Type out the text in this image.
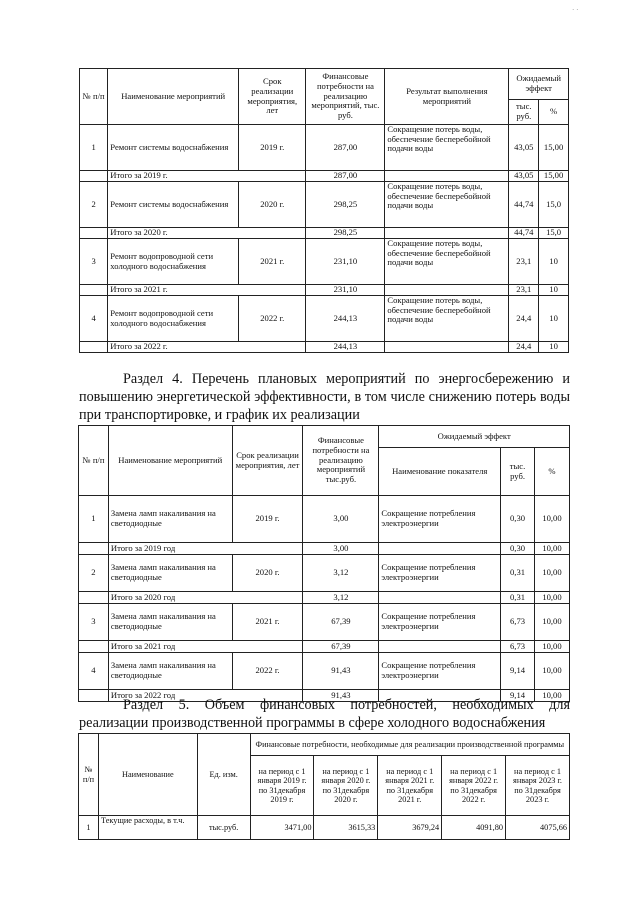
· ·
№ п/п	Наименование мероприятий	Срок реализации мероприятия, лет	Финансовые потребности на реализацию мероприятий, тыс. руб.	Результат выполнения мероприятий	Ожидаемый эффект	
					тыс. руб.	%
1	Ремонт системы водоснабжения	2019 г.	287,00	Сокращение потерь воды, обеспечение бесперебойной подачи воды	43,05	15,00
	Итого за 2019 г.		287,00		43,05	15,00
2	Ремонт системы водоснабжения	2020 г.	298,25	Сокращение потерь воды, обеспечение бесперебойной подачи воды	44,74	15,0
	Итого за 2020 г.		298,25		44,74	15,0
3	Ремонт водопроводной сети холодного водоснабжения	2021 г.	231,10	Сокращение потерь воды, обеспечение бесперебойной подачи воды	23,1	10
	Итого за 2021 г.		231,10		23,1	10
4	Ремонт водопроводной сети холодного водоснабжения	2022 г.	244,13	Сокращение потерь воды, обеспечение бесперебойной подачи воды	24,4	10
	Итого за 2022 г.		244,13		24,4	10

Раздел 4. Перечень плановых мероприятий по энергосбережению и повышению энергетической эффективности, в том числе снижению потерь воды при транспортировке, и график их реализации

№ п/п	Наименование мероприятий	Срок реализации мероприятия, лет	Финансовые потребности на реализацию мероприятий тыс.руб.	Ожидаемый эффект		
				Наименование показателя	тыс. руб.	%
1	Замена ламп накаливания на светодиодные	2019 г.	3,00	Сокращение потребления электроэнергии	0,30	10,00
	Итого за 2019 год		3,00		0,30	10,00
2	Замена ламп накаливания на светодиодные	2020 г.	3,12	Сокращение потребления электроэнергии	0,31	10,00
	Итого за 2020 год		3,12		0,31	10,00
3	Замена ламп накаливания на светодиодные	2021 г.	67,39	Сокращение потребления электроэнергии	6,73	10,00
	Итого за 2021 год		67,39		6,73	10,00
4	Замена ламп накаливания на светодиодные	2022 г.	91,43	Сокращение потребления электроэнергии	9,14	10,00
	Итого за 2022 год		91,43		9,14	10,00

Раздел 5. Объем финансовых потребностей, необходимых для реализации производственной программы в сфере холодного водоснабжения

№ п/п	Наименование	Ед. изм.	Финансовые потребности, необходимые для реализации производственной программы				
			на период с 1 января 2019 г. по 31декабря 2019 г.	на период с 1 января 2020 г. по 31декабря 2020 г.	на период с 1 января 2021 г. по 31декабря 2021 г.	на период с 1 января 2022 г. по 31декабря 2022 г.	на период с 1 января 2023 г. по 31декабря 2023 г.
1	Текущие расходы, в т.ч.	тыс.руб.	3471,00	3615,33	3679,24	4091,80	4075,66
